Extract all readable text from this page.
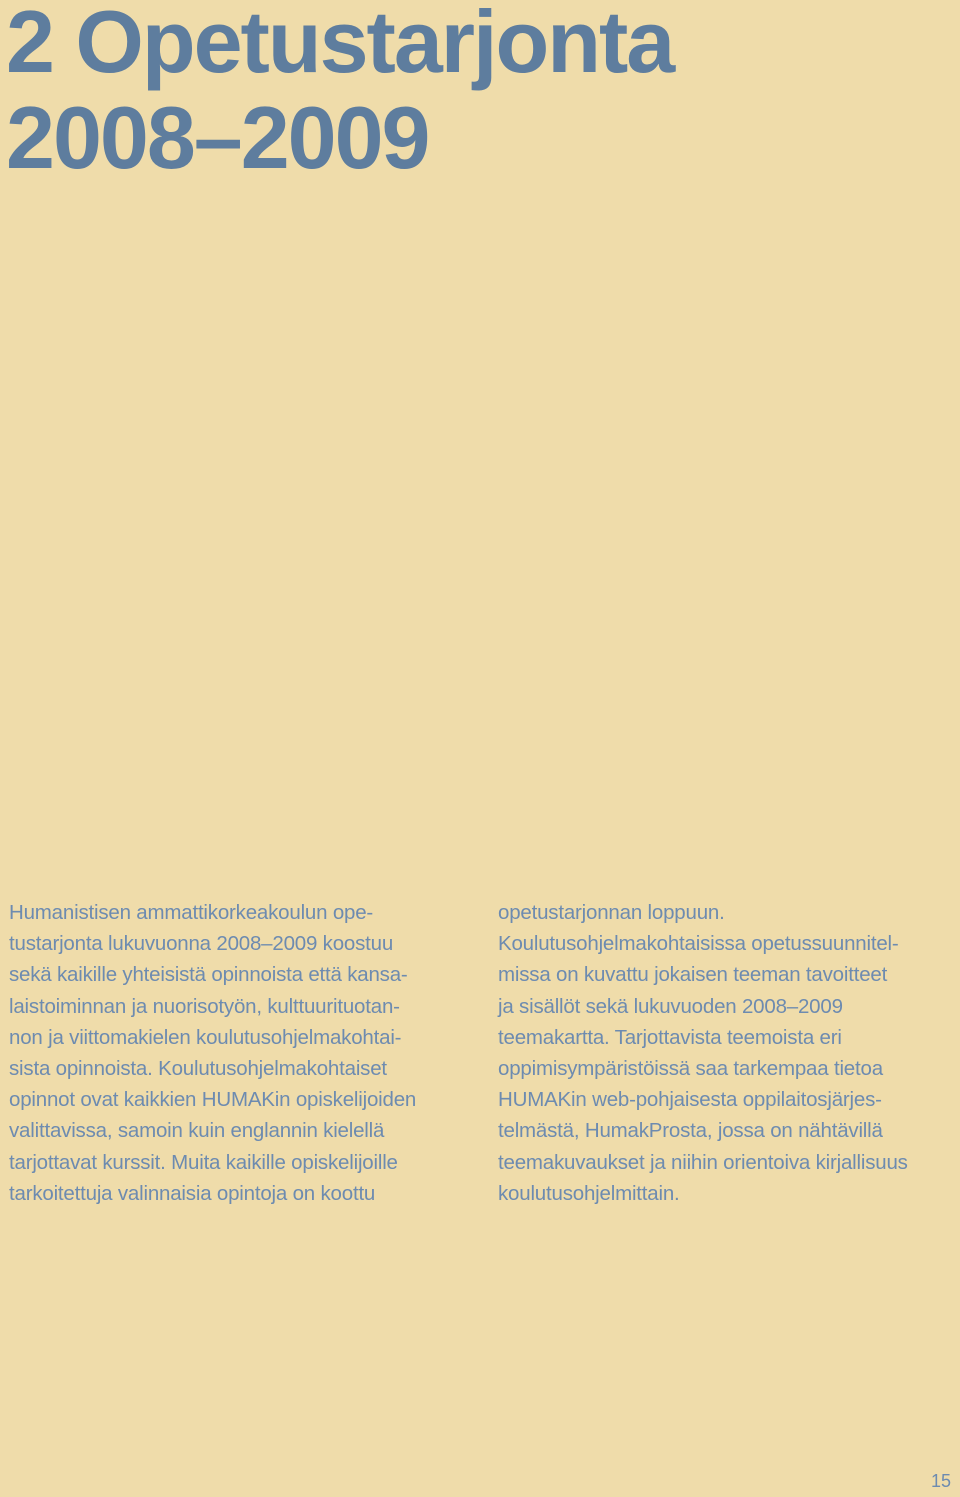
2 Opetustarjonta
2008–2009
Humanistisen ammattikorkeakoulun ope-
tustarjonta lukuvuonna 2008–2009 koostuu
sekä kaikille yhteisistä opinnoista että kansa-
laistoiminnan ja nuorisotyön, kulttuurituotan-
non ja viittomakielen koulutusohjelmakohtai-
sista opinnoista. Koulutusohjelmakohtaiset
opinnot ovat kaikkien HUMAKin opiskelijoiden
valittavissa, samoin kuin englannin kielellä
tarjottavat kurssit. Muita kaikille opiskelijoille
tarkoitettuja valinnaisia opintoja on koottu
opetustarjonnan loppuun.
Koulutusohjelmakohtaisissa opetussuunnitel-
missa on kuvattu jokaisen teeman tavoitteet
ja sisällöt sekä lukuvuoden 2008–2009
teemakartta. Tarjottavista teemoista eri
oppimisympäristöissä saa tarkempaa tietoa
HUMAKin web-pohjaisesta oppilaitosjärjes-
telmästä, HumakProsta, jossa on nähtävillä
teemakuvaukset ja niihin orientoiva kirjallisuus
koulutusohjelmittain.
15
